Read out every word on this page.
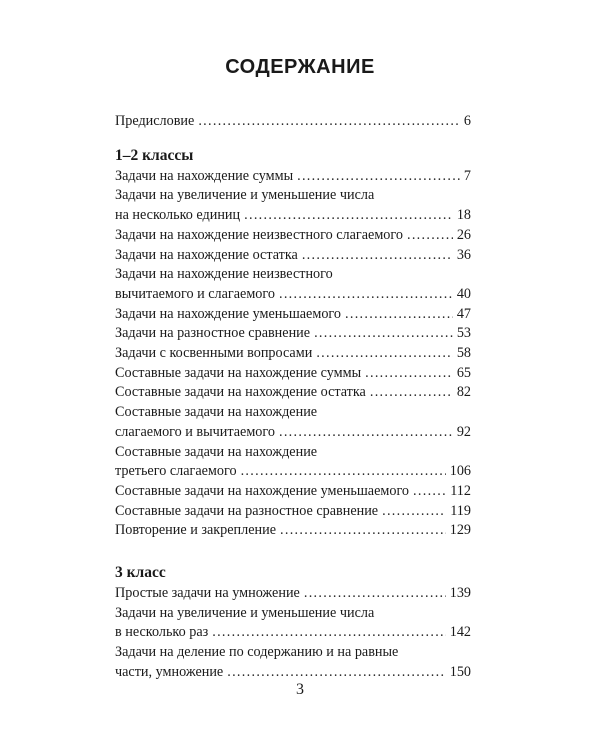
СОДЕРЖАНИЕ
Предисловие .....	6
1–2 классы
Задачи на нахождение суммы .....	7
Задачи на увеличение и уменьшение числа
на несколько единиц .....	18
Задачи на нахождение неизвестного слагаемого .....	26
Задачи на нахождение остатка .....	36
Задачи на нахождение неизвестного
вычитаемого и слагаемого .....	40
Задачи на нахождение уменьшаемого .....	47
Задачи на разностное сравнение .....	53
Задачи с косвенными вопросами .....	58
Составные задачи на нахождение суммы .....	65
Составные задачи на нахождение остатка .....	82
Составные задачи на нахождение
слагаемого и вычитаемого .....	92
Составные задачи на нахождение
третьего слагаемого .....	106
Составные задачи на нахождение уменьшаемого .....	112
Составные задачи на разностное сравнение .....	119
Повторение и закрепление .....	129
3 класс
Простые задачи на умножение .....	139
Задачи на увеличение и уменьшение числа
в несколько раз .....	142
Задачи на деление по содержанию и на равные
части, умножение .....	150
3
